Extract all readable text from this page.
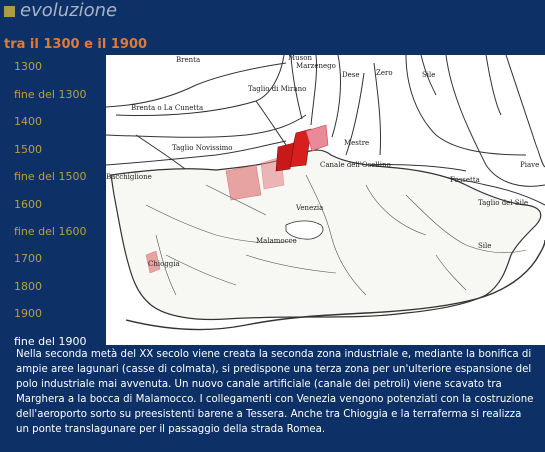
evoluzione
tra il 1300 e il 1900
1300
fine del 1300
1400
1500
fine del 1500
1600
fine del 1600
1700
1800
1900
fine del 1900
Brenta	Muson
Marzenego
Dese Zero	Sile
Taglio di Mirano
Brenta o La Cunetta
Mestre
Taglio Novissimo
Canale dell'Osellino	Piave
Bacchiglione	Fossetta
Taglio del Sile
Venezia
Sile
Malamocco
Chioggia

Nella seconda metà del XX secolo viene creata la seconda zona industriale e, mediante la bonifica di ampie aree lagunari (casse di colmata), si predispone una terza zona per un'ulteriore espansione del polo industriale mai avvenuta. Un nuovo canale artificiale (canale dei petroli) viene scavato tra Marghera a la bocca di Malamocco. I collegamenti con Venezia vengono potenziati con la costruzione dell'aeroporto sorto su preesistenti barene a Tessera. Anche tra Chioggia e la terraferma si realizza un ponte translagunare per il passaggio della strada Romea.
